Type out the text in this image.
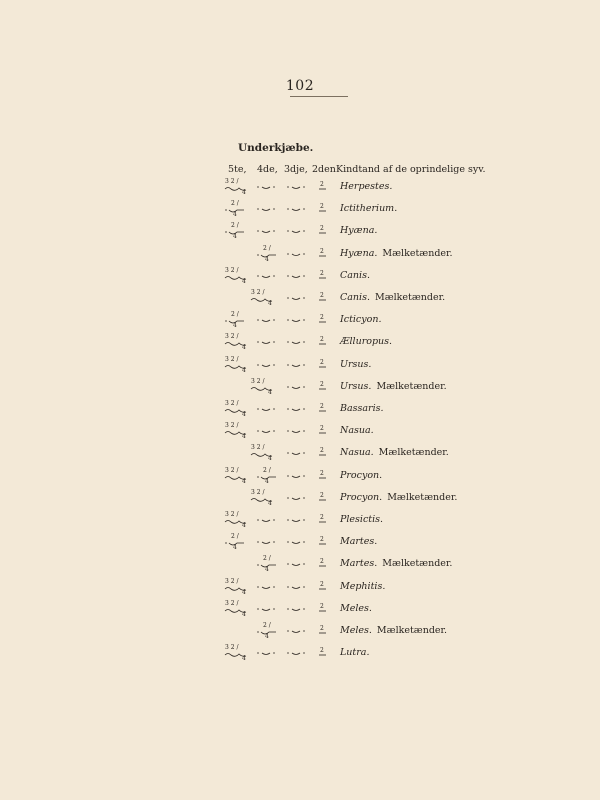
102
Underkjæbe.
5te, 4de, 3dje, 2den Kindtand af de oprindelige syv.
3 2 /
4
2 Herpestes.
2 /
4
2 Ictitherium.
2 /
4
2 Hyæna.
2 /
4
2 Hyæna. Mælketænder.
3 2 /
4
2 Canis.
3 2 /
4
2 Canis. Mælketænder.
2 /
4
2 Icticyon.
3 2 /
4
2 Ælluropus.
3 2 /
4
2 Ursus.
3 2 /
4
2 Ursus. Mælketænder.
3 2 /
4
2 Bassaris.
3 2 /
4
2 Nasua.
3 2 /
4
2 Nasua. Mælketænder.
3 2 /
4
2 /
4
2 Procyon.
3 2 /
4
2 Procyon. Mælketænder.
3 2 /
4
2 Plesictis.
2 /
4
2 Martes.
2 /
4
2 Martes. Mælketænder.
3 2 /
4
2 Mephitis.
3 2 /
4
2 Meles.
2 /
4
2 Meles. Mælketænder.
3 2 /
4
2 Lutra.
